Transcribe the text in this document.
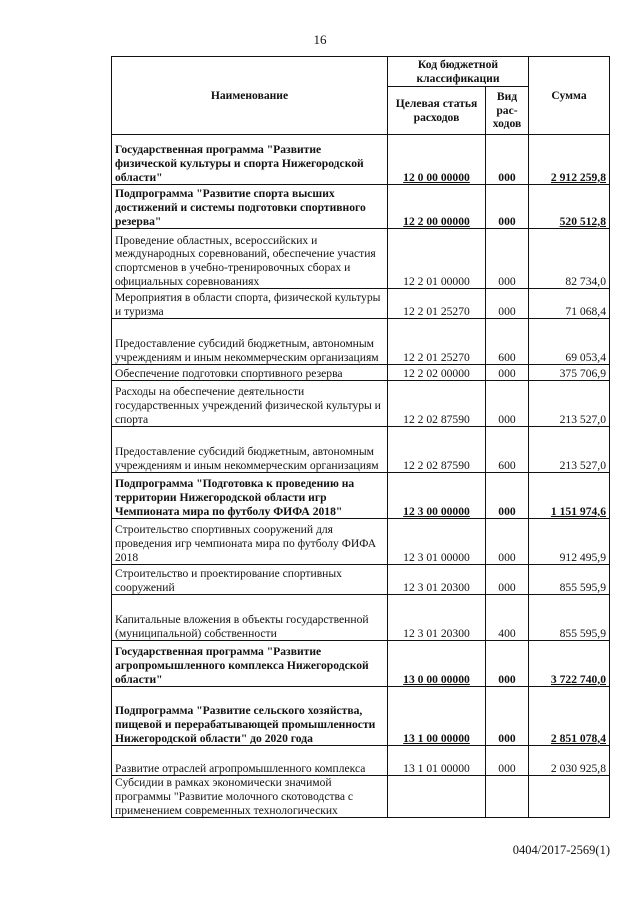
16
Наименование	Код бюджетной классификации		Сумма
	Целевая статья расходов	Вид рас-ходов	
Государственная программа "Развитие физической культуры и спорта Нижегородской области"	12 0 00 00000	000	2 912 259,8
Подпрограмма "Развитие спорта высших достижений и системы подготовки спортивного резерва"	12 2 00 00000	000	520 512,8
Проведение областных, всероссийских и международных соревнований, обеспечение участия спортсменов в учебно-тренировочных сборах и официальных соревнованиях	12 2 01 00000	000	82 734,0
Мероприятия в области спорта, физической культуры и туризма	12 2 01 25270	000	71 068,4
Предоставление субсидий бюджетным, автономным учреждениям и иным некоммерческим организациям	12 2 01 25270	600	69 053,4
Обеспечение подготовки спортивного резерва	12 2 02 00000	000	375 706,9
Расходы на обеспечение деятельности государственных учреждений физической культуры и спорта	12 2 02 87590	000	213 527,0
Предоставление субсидий бюджетным, автономным учреждениям и иным некоммерческим организациям	12 2 02 87590	600	213 527,0
Подпрограмма "Подготовка к проведению на территории Нижегородской области игр Чемпионата мира по футболу ФИФА 2018"	12 3 00 00000	000	1 151 974,6
Строительство спортивных сооружений для проведения игр чемпионата мира по футболу ФИФА 2018	12 3 01 00000	000	912 495,9
Строительство и проектирование спортивных сооружений	12 3 01 20300	000	855 595,9
Капитальные вложения в объекты государственной (муниципальной) собственности	12 3 01 20300	400	855 595,9
Государственная программа "Развитие агропромышленного комплекса Нижегородской области"	13 0 00 00000	000	3 722 740,0
Подпрограмма "Развитие сельского хозяйства, пищевой и перерабатывающей промышленности Нижегородской области" до 2020 года	13 1 00 00000	000	2 851 078,4
Развитие отраслей агропромышленного комплекса	13 1 01 00000	000	2 030 925,8
Субсидии в рамках экономически значимой программы "Развитие молочного скотоводства с применением современных технологических			
0404/2017-2569(1)
